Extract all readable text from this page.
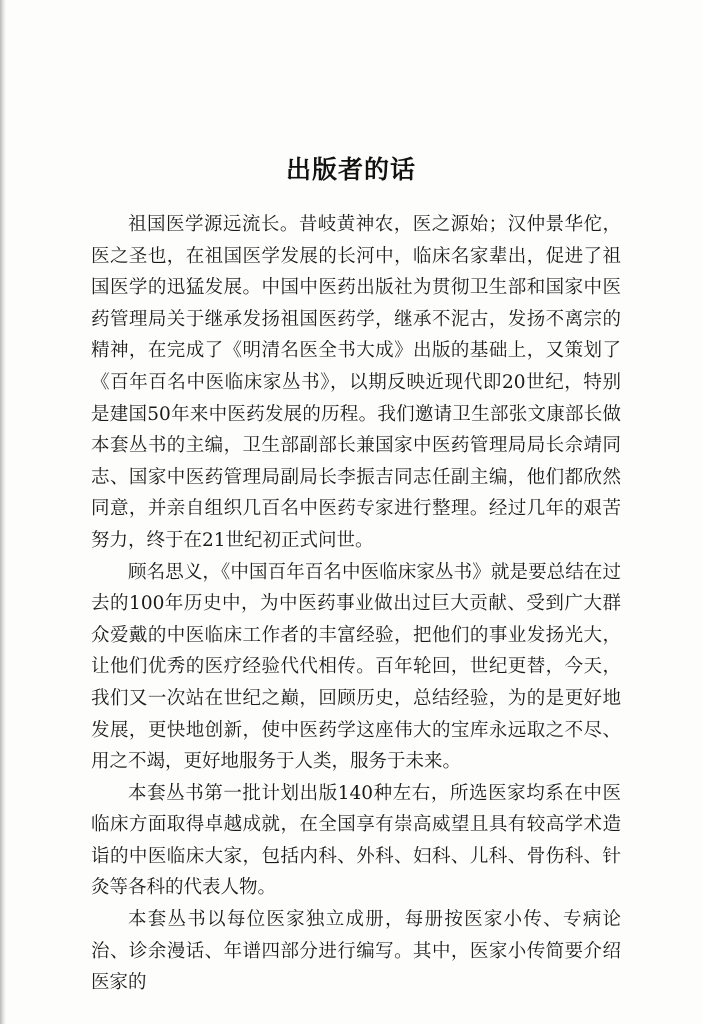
出版者的话

祖国医学源远流长。昔岐黄神农，医之源始；汉仲景华佗，医之圣也，在祖国医学发展的长河中，临床名家辈出，促进了祖国医学的迅猛发展。中国中医药出版社为贯彻卫生部和国家中医药管理局关于继承发扬祖国医药学，继承不泥古，发扬不离宗的精神，在完成了《明清名医全书大成》出版的基础上，又策划了《百年百名中医临床家丛书》，以期反映近现代即20世纪，特别是建国50年来中医药发展的历程。我们邀请卫生部张文康部长做本套丛书的主编，卫生部副部长兼国家中医药管理局局长佘靖同志、国家中医药管理局副局长李振吉同志任副主编，他们都欣然同意，并亲自组织几百名中医药专家进行整理。经过几年的艰苦努力，终于在21世纪初正式问世。

顾名思义，《中国百年百名中医临床家丛书》就是要总结在过去的100年历史中，为中医药事业做出过巨大贡献、受到广大群众爱戴的中医临床工作者的丰富经验，把他们的事业发扬光大，让他们优秀的医疗经验代代相传。百年轮回，世纪更替，今天，我们又一次站在世纪之巅，回顾历史，总结经验，为的是更好地发展，更快地创新，使中医药学这座伟大的宝库永远取之不尽、用之不竭，更好地服务于人类，服务于未来。

本套丛书第一批计划出版140种左右，所选医家均系在中医临床方面取得卓越成就，在全国享有崇高威望且具有较高学术造诣的中医临床大家，包括内科、外科、妇科、儿科、骨伤科、针灸等各科的代表人物。

本套丛书以每位医家独立成册，每册按医家小传、专病论治、诊余漫话、年谱四部分进行编写。其中，医家小传简要介绍医家的
